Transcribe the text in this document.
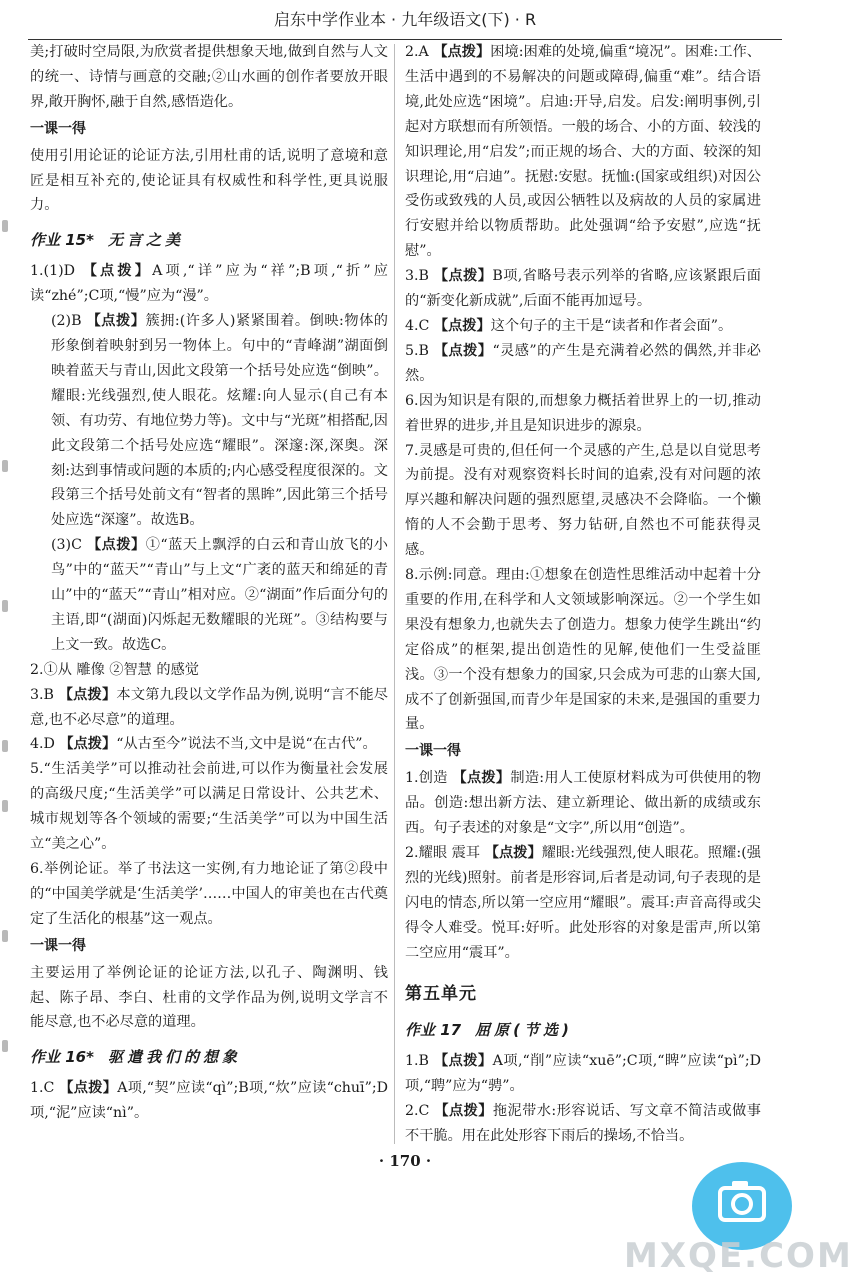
启东中学作业本 · 九年级语文(下) · R

美;打破时空局限,为欣赏者提供想象天地,做到自然与人文的统一、诗情与画意的交融;②山水画的创作者要放开眼界,敞开胸怀,融于自然,感悟造化。

一课一得

使用引用论证的论证方法,引用杜甫的话,说明了意境和意匠是相互补充的,使论证具有权威性和科学性,更具说服力。

作业 15* 无言之美

1.(1)D 【点拨】A项,“详”应为“祥”;B项,“折”应读“zhé”;C项,“慢”应为“漫”。

(2)B 【点拨】簇拥:(许多人)紧紧围着。倒映:物体的形象倒着映射到另一物体上。句中的“青峰湖”湖面倒映着蓝天与青山,因此文段第一个括号处应选“倒映”。耀眼:光线强烈,使人眼花。炫耀:向人显示(自己有本领、有功劳、有地位势力等)。文中与“光斑”相搭配,因此文段第二个括号处应选“耀眼”。深邃:深,深奥。深刻:达到事情或问题的本质的;内心感受程度很深的。文段第三个括号处前文有“智者的黑眸”,因此第三个括号处应选“深邃”。故选B。

(3)C 【点拨】①“蓝天上飘浮的白云和青山放飞的小鸟”中的“蓝天”“青山”与上文“广袤的蓝天和绵延的青山”中的“蓝天”“青山”相对应。②“湖面”作后面分句的主语,即“(湖面)闪烁起无数耀眼的光斑”。③结构要与上文一致。故选C。

2.①从 雕像 ②智慧 的感觉

3.B 【点拨】本文第九段以文学作品为例,说明“言不能尽意,也不必尽意”的道理。

4.D 【点拨】“从古至今”说法不当,文中是说“在古代”。

5.“生活美学”可以推动社会前进,可以作为衡量社会发展的高级尺度;“生活美学”可以满足日常设计、公共艺术、城市规划等各个领域的需要;“生活美学”可以为中国生活立“美之心”。

6.举例论证。举了书法这一实例,有力地论证了第②段中的“中国美学就是‘生活美学’……中国人的审美也在古代奠定了生活化的根基”这一观点。

一课一得

主要运用了举例论证的论证方法,以孔子、陶渊明、钱起、陈子昂、李白、杜甫的文学作品为例,说明文学言不能尽意,也不必尽意的道理。

作业 16* 驱遣我们的想象

1.C 【点拨】A项,“契”应读“qì”;B项,“炊”应读“chuī”;D项,“泥”应读“nì”。

2.A 【点拨】困境:困难的处境,偏重“境况”。困难:工作、生活中遇到的不易解决的问题或障碍,偏重“难”。结合语境,此处应选“困境”。启迪:开导,启发。启发:阐明事例,引起对方联想而有所领悟。一般的场合、小的方面、较浅的知识理论,用“启发”;而正规的场合、大的方面、较深的知识理论,用“启迪”。抚慰:安慰。抚恤:(国家或组织)对因公受伤或致残的人员,或因公牺牲以及病故的人员的家属进行安慰并给以物质帮助。此处强调“给予安慰”,应选“抚慰”。

3.B 【点拨】B项,省略号表示列举的省略,应该紧跟后面的“新变化新成就”,后面不能再加逗号。

4.C 【点拨】这个句子的主干是“读者和作者会面”。

5.B 【点拨】“灵感”的产生是充满着必然的偶然,并非必然。

6.因为知识是有限的,而想象力概括着世界上的一切,推动着世界的进步,并且是知识进步的源泉。

7.灵感是可贵的,但任何一个灵感的产生,总是以自觉思考为前提。没有对观察资料长时间的追索,没有对问题的浓厚兴趣和解决问题的强烈愿望,灵感决不会降临。一个懒惰的人不会勤于思考、努力钻研,自然也不可能获得灵感。

8.示例:同意。理由:①想象在创造性思维活动中起着十分重要的作用,在科学和人文领域影响深远。②一个学生如果没有想象力,也就失去了创造力。想象力使学生跳出“约定俗成”的框架,提出创造性的见解,使他们一生受益匪浅。③一个没有想象力的国家,只会成为可悲的山寨大国,成不了创新强国,而青少年是国家的未来,是强国的重要力量。

一课一得

1.创造 【点拨】制造:用人工使原材料成为可供使用的物品。创造:想出新方法、建立新理论、做出新的成绩或东西。句子表述的对象是“文字”,所以用“创造”。

2.耀眼 震耳 【点拨】耀眼:光线强烈,使人眼花。照耀:(强烈的光线)照射。前者是形容词,后者是动词,句子表现的是闪电的情态,所以第一空应用“耀眼”。震耳:声音高得或尖得令人难受。悦耳:好听。此处形容的对象是雷声,所以第二空应用“震耳”。

第五单元
作业 17 屈原(节选)

1.B 【点拨】A项,“削”应读“xuē”;C项,“睥”应读“pì”;D项,“聘”应为“骋”。

2.C 【点拨】拖泥带水:形容说话、写文章不简洁或做事不干脆。用在此处形容下雨后的操场,不恰当。

· 170 ·
MXQE.COM
